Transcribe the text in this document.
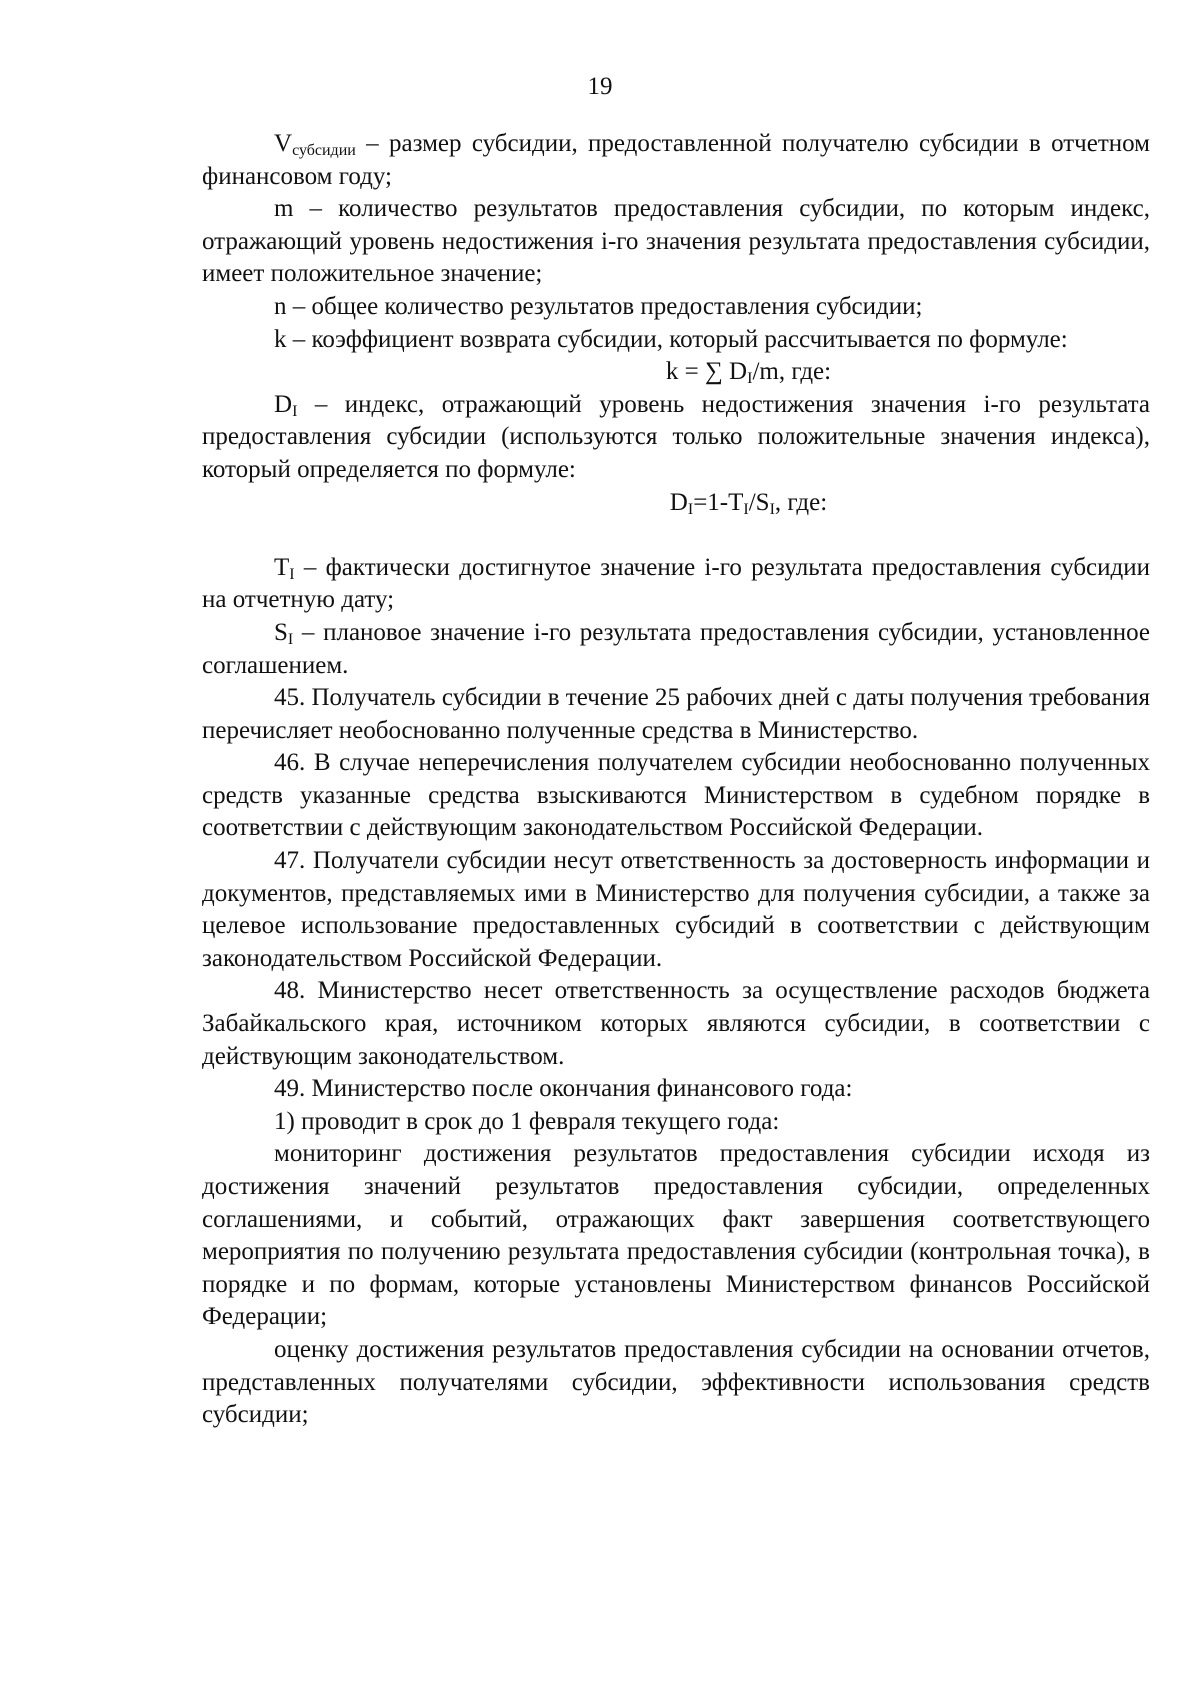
19

$V_{субсидии}$ – размер субсидии, предоставленной получателю субсидии в отчетном финансовом году;

m – количество результатов предоставления субсидии, по которым индекс, отражающий уровень недостижения i-го значения результата предоставления субсидии, имеет положительное значение;

n – общее количество результатов предоставления субсидии;

k – коэффициент возврата субсидии, который рассчитывается по формуле:

k = ∑ $D_I/m$, где:

$D_I$ – индекс, отражающий уровень недостижения значения i-го результата предоставления субсидии (используются только положительные значения индекса), который определяется по формуле:

$D_I=1-T_I/S_I$, где:

$T_I$ – фактически достигнутое значение i-го результата предоставления субсидии на отчетную дату;

$S_I$ – плановое значение i-го результата предоставления субсидии, установленное соглашением.

45. Получатель субсидии в течение 25 рабочих дней с даты получения требования перечисляет необоснованно полученные средства в Министерство.

46. В случае неперечисления получателем субсидии необоснованно полученных средств указанные средства взыскиваются Министерством в судебном порядке в соответствии с действующим законодательством Российской Федерации.

47. Получатели субсидии несут ответственность за достоверность информации и документов, представляемых ими в Министерство для получения субсидии, а также за целевое использование предоставленных субсидий в соответствии с действующим законодательством Российской Федерации.

48. Министерство несет ответственность за осуществление расходов бюджета Забайкальского края, источником которых являются субсидии, в соответствии с действующим законодательством.

49. Министерство после окончания финансового года:

1) проводит в срок до 1 февраля текущего года:

мониторинг достижения результатов предоставления субсидии исходя из достижения значений результатов предоставления субсидии, определенных соглашениями, и событий, отражающих факт завершения соответствующего мероприятия по получению результата предоставления субсидии (контрольная точка), в порядке и по формам, которые установлены Министерством финансов Российской Федерации;

оценку достижения результатов предоставления субсидии на основании отчетов, представленных получателями субсидии, эффективности использования средств субсидии;
